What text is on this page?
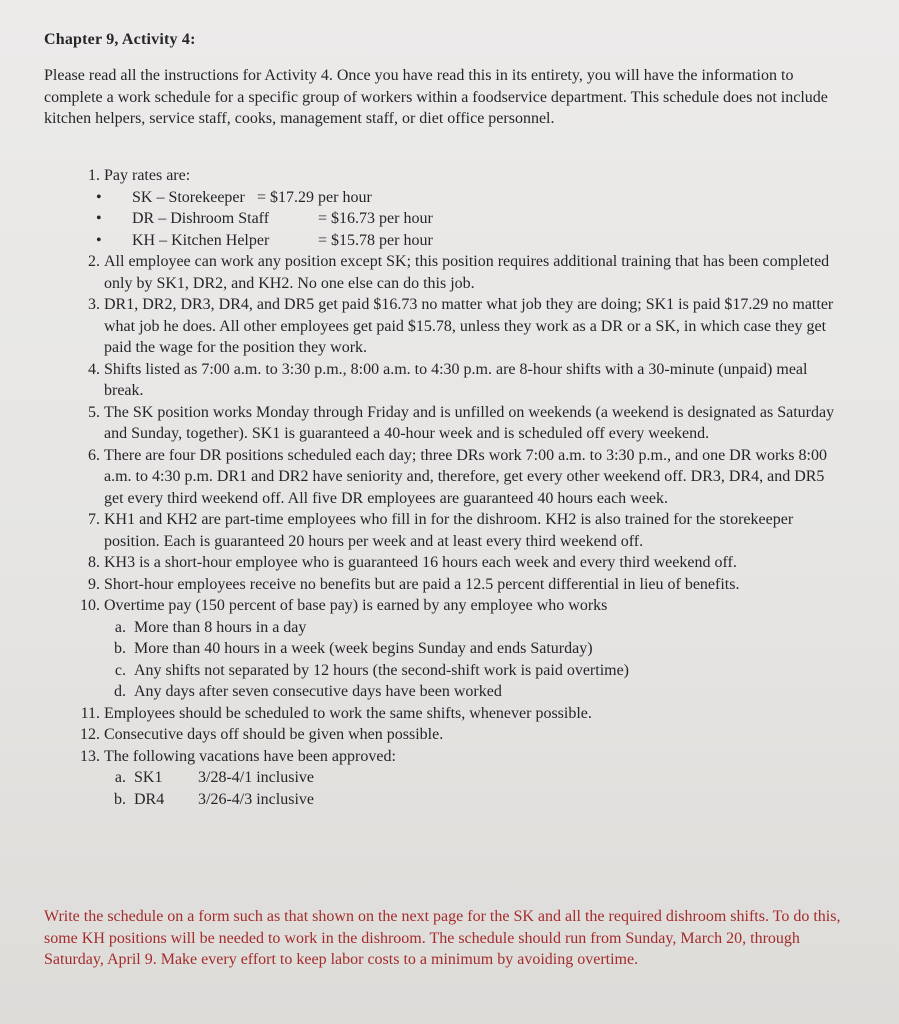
Chapter 9, Activity 4:
Please read all the instructions for Activity 4. Once you have read this in its entirety, you will have the information to complete a work schedule for a specific group of workers within a foodservice department. This schedule does not include kitchen helpers, service staff, cooks, management staff, or diet office personnel.
1. Pay rates are:
• SK – Storekeeper = $17.29 per hour
• DR – Dishroom Staff	= $16.73 per hour
• KH – Kitchen Helper	= $15.78 per hour
2. All employee can work any position except SK; this position requires additional training that has been completed only by SK1, DR2, and KH2. No one else can do this job.
3. DR1, DR2, DR3, DR4, and DR5 get paid $16.73 no matter what job they are doing; SK1 is paid $17.29 no matter what job he does. All other employees get paid $15.78, unless they work as a DR or a SK, in which case they get paid the wage for the position they work.
4. Shifts listed as 7:00 a.m. to 3:30 p.m., 8:00 a.m. to 4:30 p.m. are 8-hour shifts with a 30-minute (unpaid) meal break.
5. The SK position works Monday through Friday and is unfilled on weekends (a weekend is designated as Saturday and Sunday, together). SK1 is guaranteed a 40-hour week and is scheduled off every weekend.
6. There are four DR positions scheduled each day; three DRs work 7:00 a.m. to 3:30 p.m., and one DR works 8:00 a.m. to 4:30 p.m. DR1 and DR2 have seniority and, therefore, get every other weekend off. DR3, DR4, and DR5 get every third weekend off. All five DR employees are guaranteed 40 hours each week.
7. KH1 and KH2 are part-time employees who fill in for the dishroom. KH2 is also trained for the storekeeper position. Each is guaranteed 20 hours per week and at least every third weekend off.
8. KH3 is a short-hour employee who is guaranteed 16 hours each week and every third weekend off.
9. Short-hour employees receive no benefits but are paid a 12.5 percent differential in lieu of benefits.
10. Overtime pay (150 percent of base pay) is earned by any employee who works
a. More than 8 hours in a day
b. More than 40 hours in a week (week begins Sunday and ends Saturday)
c. Any shifts not separated by 12 hours (the second-shift work is paid overtime)
d. Any days after seven consecutive days have been worked
11. Employees should be scheduled to work the same shifts, whenever possible.
12. Consecutive days off should be given when possible.
13. The following vacations have been approved:
a. SK1 3/28-4/1 inclusive
b. DR4 3/26-4/3 inclusive
Write the schedule on a form such as that shown on the next page for the SK and all the required dishroom shifts. To do this, some KH positions will be needed to work in the dishroom. The schedule should run from Sunday, March 20, through Saturday, April 9. Make every effort to keep labor costs to a minimum by avoiding overtime.
